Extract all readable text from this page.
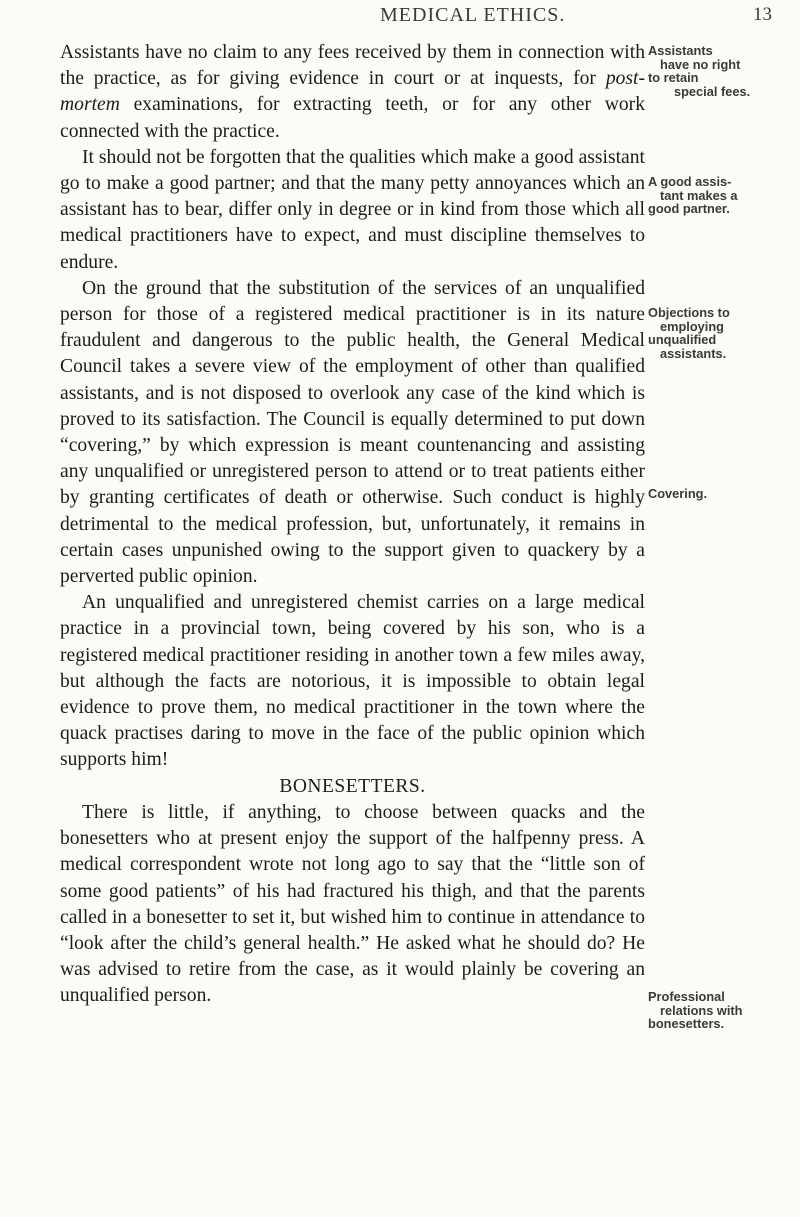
MEDICAL ETHICS.	13

Assistants have no claim to any fees received by them in connection with the practice, as for giving evidence in court or at inquests, for post-mortem examinations, for extracting teeth, or for any other work connected with the practice.

It should not be forgotten that the qualities which make a good assistant go to make a good partner; and that the many petty annoyances which an assistant has to bear, differ only in degree or in kind from those which all medical practitioners have to expect, and must discipline themselves to endure.

On the ground that the substitution of the services of an unqualified person for those of a registered medical practitioner is in its nature fraudulent and dangerous to the public health, the General Medical Council takes a severe view of the employment of other than qualified assistants, and is not disposed to overlook any case of the kind which is proved to its satisfaction. The Council is equally determined to put down “covering,” by which expression is meant countenancing and assisting any unqualified or unregistered person to attend or to treat patients either by granting certificates of death or otherwise. Such conduct is highly detrimental to the medical profession, but, unfortunately, it remains in certain cases unpunished owing to the support given to quackery by a perverted public opinion.

An unqualified and unregistered chemist carries on a large medical practice in a provincial town, being covered by his son, who is a registered medical practitioner residing in another town a few miles away, but although the facts are notorious, it is impossible to obtain legal evidence to prove them, no medical practitioner in the town where the quack practises daring to move in the face of the public opinion which supports him!

BONESETTERS.

There is little, if anything, to choose between quacks and the bonesetters who at present enjoy the support of the halfpenny press. A medical correspondent wrote not long ago to say that the “little son of some good patients” of his had fractured his thigh, and that the parents called in a bonesetter to set it, but wished him to continue in attendance to “look after the child’s general health.” He asked what he should do? He was advised to retire from the case, as it would plainly be covering an unqualified person.

Assistants
have no right
to retain
special fees.
A good assis-
tant makes a
good partner.
Objections to
employing
unqualified
assistants.
Covering.
Professional
relations with
bonesetters.
